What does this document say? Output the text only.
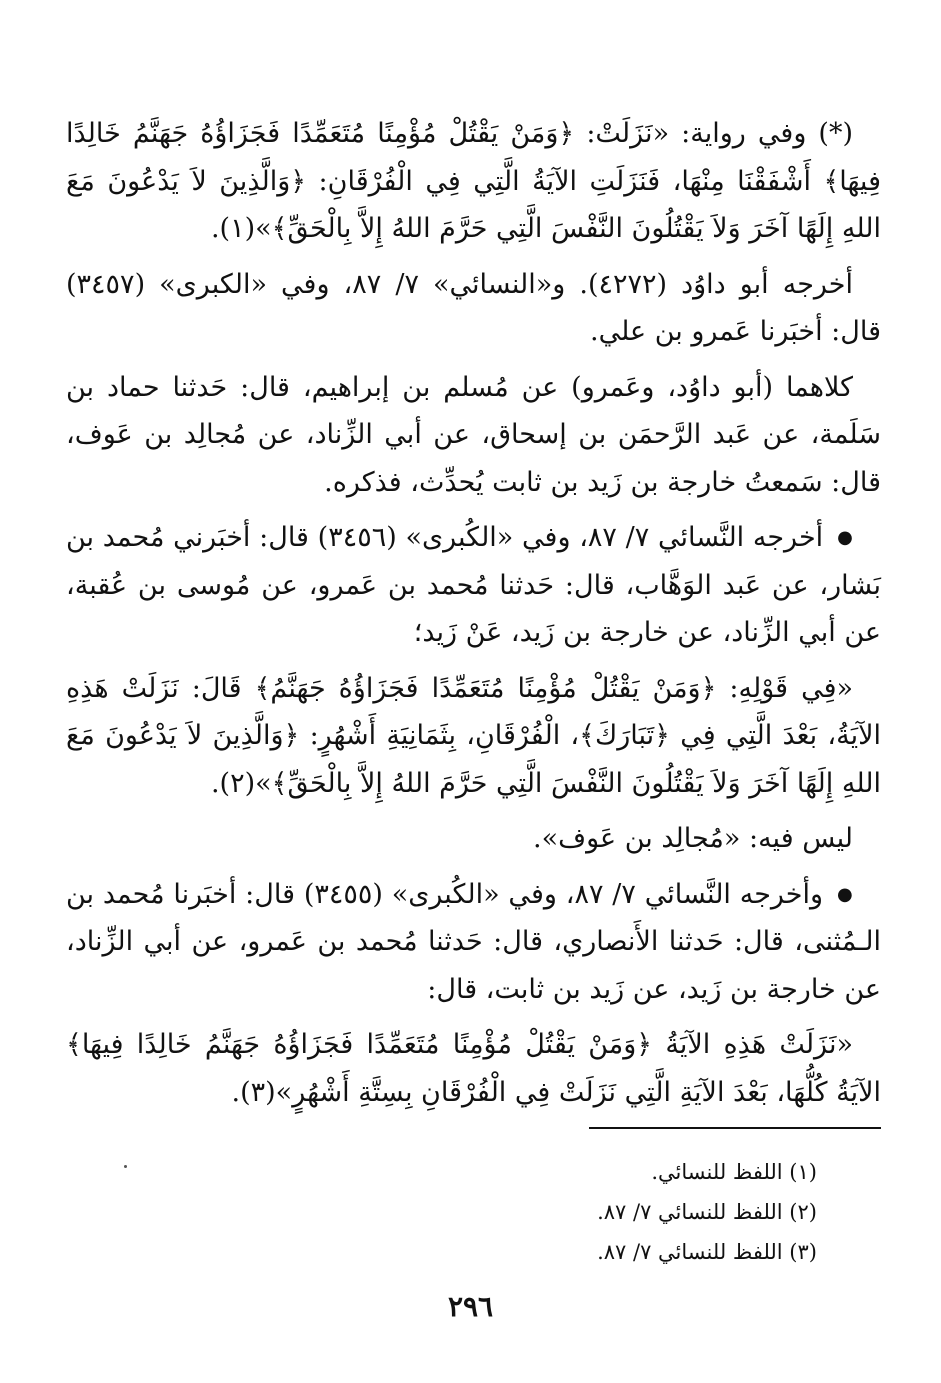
(*) وفي رواية: «نَزَلَتْ: ﴿وَمَنْ يَقْتُلْ مُؤْمِنًا مُتَعَمِّدًا فَجَزَاؤُهُ جَهَنَّمُ خَالِدًا فِيهَا﴾ أَشْفَقْنَا مِنْهَا، فَنَزَلَتِ الآيَةُ الَّتِي فِي الْفُرْقَانِ: ﴿وَالَّذِينَ لاَ يَدْعُونَ مَعَ اللهِ إِلَهًا آخَرَ وَلاَ يَقْتُلُونَ النَّفْسَ الَّتِي حَرَّمَ اللهُ إِلاَّ بِالْحَقِّ﴾»(١).

أخرجه أبو داوُد (٤٢٧٢). و«النسائي» ٧/ ٨٧، وفي «الكبرى» (٣٤٥٧) قال: أخبَرنا عَمرو بن علي.

كلاهما (أبو داوُد، وعَمرو) عن مُسلم بن إبراهيم، قال: حَدثنا حماد بن سَلَمة، عن عَبد الرَّحمَن بن إسحاق، عن أبي الزِّناد، عن مُجالِد بن عَوف، قال: سَمعتُ خارجة بن زَيد بن ثابت يُحدِّث، فذكره.

●أخرجه النَّسائي ٧/ ٨٧، وفي «الكُبرى» (٣٤٥٦) قال: أخبَرني مُحمد بن بَشار، عن عَبد الوَهَّاب، قال: حَدثنا مُحمد بن عَمرو، عن مُوسى بن عُقبة، عن أبي الزِّناد، عن خارجة بن زَيد، عَنْ زَيد؛

«فِي قَوْلِهِ: ﴿وَمَنْ يَقْتُلْ مُؤْمِنًا مُتَعَمِّدًا فَجَزَاؤُهُ جَهَنَّمُ﴾ قَالَ: نَزَلَتْ هَذِهِ الآيَةُ، بَعْدَ الَّتِي فِي ﴿تَبَارَكَ﴾، الْفُرْقَانِ، بِثَمَانِيَةِ أَشْهُرٍ: ﴿وَالَّذِينَ لاَ يَدْعُونَ مَعَ اللهِ إِلَهًا آخَرَ وَلاَ يَقْتُلُونَ النَّفْسَ الَّتِي حَرَّمَ اللهُ إِلاَّ بِالْحَقِّ﴾»(٢).

ليس فيه: «مُجالِد بن عَوف».

●وأخرجه النَّسائي ٧/ ٨٧، وفي «الكُبرى» (٣٤٥٥) قال: أخبَرنا مُحمد بن الـمُثنى، قال: حَدثنا الأَنصاري، قال: حَدثنا مُحمد بن عَمرو، عن أبي الزِّناد، عن خارجة بن زَيد، عن زَيد بن ثابت، قال:

«نَزَلَتْ هَذِهِ الآيَةُ ﴿وَمَنْ يَقْتُلْ مُؤْمِنًا مُتَعَمِّدًا فَجَزَاؤُهُ جَهَنَّمُ خَالِدًا فِيهَا﴾ الآيَةُ كُلُّهَا، بَعْدَ الآيَةِ الَّتِي نَزَلَتْ فِي الْفُرْقَانِ بِسِتَّةِ أَشْهُرٍ»(٣).

(١) اللفظ للنسائي.

(٢) اللفظ للنسائي ٧/ ٨٧.

(٣) اللفظ للنسائي ٧/ ٨٧.

٢٩٦
